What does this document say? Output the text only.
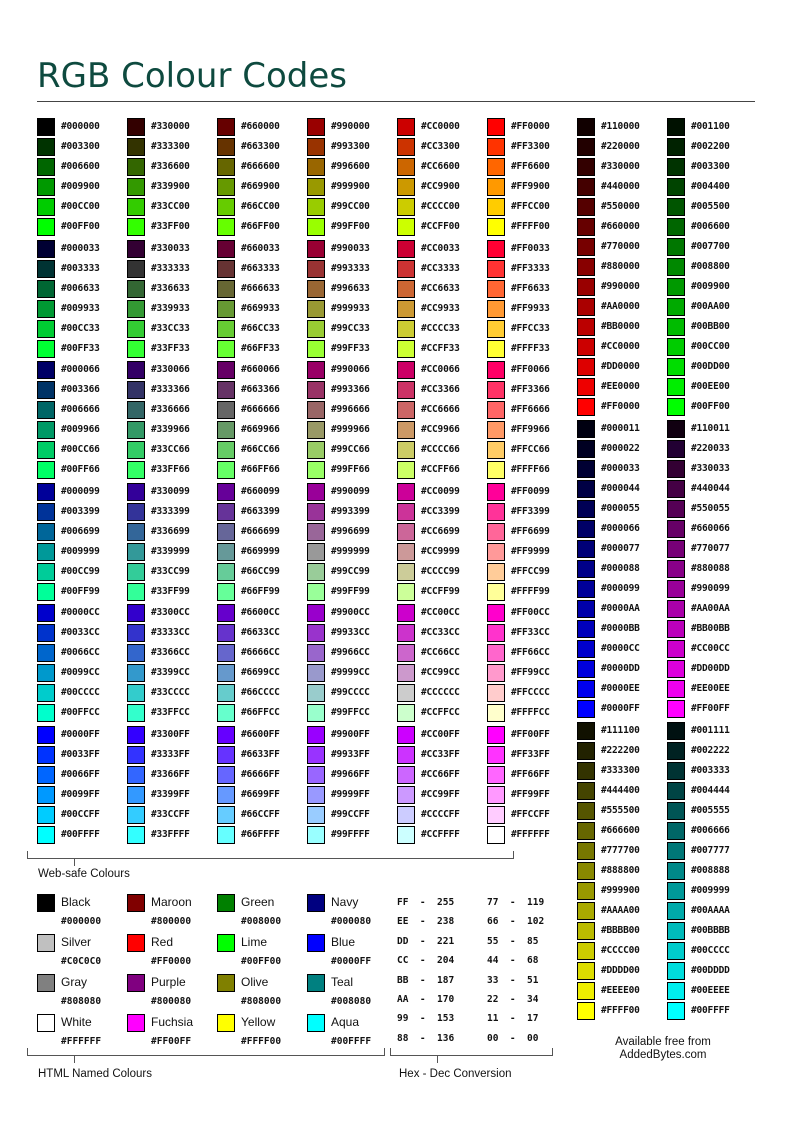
RGB Colour Codes
#000000
#003300
#006600
#009900
#00CC00
#00FF00
#000033
#003333
#006633
#009933
#00CC33
#00FF33
#000066
#003366
#006666
#009966
#00CC66
#00FF66
#000099
#003399
#006699
#009999
#00CC99
#00FF99
#0000CC
#0033CC
#0066CC
#0099CC
#00CCCC
#00FFCC
#0000FF
#0033FF
#0066FF
#0099FF
#00CCFF
#00FFFF
#330000
#333300
#336600
#339900
#33CC00
#33FF00
#330033
#333333
#336633
#339933
#33CC33
#33FF33
#330066
#333366
#336666
#339966
#33CC66
#33FF66
#330099
#333399
#336699
#339999
#33CC99
#33FF99
#3300CC
#3333CC
#3366CC
#3399CC
#33CCCC
#33FFCC
#3300FF
#3333FF
#3366FF
#3399FF
#33CCFF
#33FFFF
#660000
#663300
#666600
#669900
#66CC00
#66FF00
#660033
#663333
#666633
#669933
#66CC33
#66FF33
#660066
#663366
#666666
#669966
#66CC66
#66FF66
#660099
#663399
#666699
#669999
#66CC99
#66FF99
#6600CC
#6633CC
#6666CC
#6699CC
#66CCCC
#66FFCC
#6600FF
#6633FF
#6666FF
#6699FF
#66CCFF
#66FFFF
#990000
#993300
#996600
#999900
#99CC00
#99FF00
#990033
#993333
#996633
#999933
#99CC33
#99FF33
#990066
#993366
#996666
#999966
#99CC66
#99FF66
#990099
#993399
#996699
#999999
#99CC99
#99FF99
#9900CC
#9933CC
#9966CC
#9999CC
#99CCCC
#99FFCC
#9900FF
#9933FF
#9966FF
#9999FF
#99CCFF
#99FFFF
#CC0000
#CC3300
#CC6600
#CC9900
#CCCC00
#CCFF00
#CC0033
#CC3333
#CC6633
#CC9933
#CCCC33
#CCFF33
#CC0066
#CC3366
#CC6666
#CC9966
#CCCC66
#CCFF66
#CC0099
#CC3399
#CC6699
#CC9999
#CCCC99
#CCFF99
#CC00CC
#CC33CC
#CC66CC
#CC99CC
#CCCCCC
#CCFFCC
#CC00FF
#CC33FF
#CC66FF
#CC99FF
#CCCCFF
#CCFFFF
#FF0000
#FF3300
#FF6600
#FF9900
#FFCC00
#FFFF00
#FF0033
#FF3333
#FF6633
#FF9933
#FFCC33
#FFFF33
#FF0066
#FF3366
#FF6666
#FF9966
#FFCC66
#FFFF66
#FF0099
#FF3399
#FF6699
#FF9999
#FFCC99
#FFFF99
#FF00CC
#FF33CC
#FF66CC
#FF99CC
#FFCCCC
#FFFFCC
#FF00FF
#FF33FF
#FF66FF
#FF99FF
#FFCCFF
#FFFFFF
#110000
#220000
#330000
#440000
#550000
#660000
#770000
#880000
#990000
#AA0000
#BB0000
#CC0000
#DD0000
#EE0000
#FF0000
#000011
#000022
#000033
#000044
#000055
#000066
#000077
#000088
#000099
#0000AA
#0000BB
#0000CC
#0000DD
#0000EE
#0000FF
#111100
#222200
#333300
#444400
#555500
#666600
#777700
#888800
#999900
#AAAA00
#BBBB00
#CCCC00
#DDDD00
#EEEE00
#FFFF00
#001100
#002200
#003300
#004400
#005500
#006600
#007700
#008800
#009900
#00AA00
#00BB00
#00CC00
#00DD00
#00EE00
#00FF00
#110011
#220033
#330033
#440044
#550055
#660066
#770077
#880088
#990099
#AA00AA
#BB00BB
#CC00CC
#DD00DD
#EE00EE
#FF00FF
#001111
#002222
#003333
#004444
#005555
#006666
#007777
#008888
#009999
#00AAAA
#00BBBB
#00CCCC
#00DDDD
#00EEEE
#00FFFF
Web-safe Colours
Black
#000000
Maroon
#800000
Green
#008000
Navy
#000080
Silver
#C0C0C0
Red
#FF0000
Lime
#00FF00
Blue
#0000FF
Gray
#808080
Purple
#800080
Olive
#808000
Teal
#008080
White
#FFFFFF
Fuchsia
#FF00FF
Yellow
#FFFF00
Aqua
#00FFFF
FF  -  255
EE  -  238
DD  -  221
CC  -  204
BB  -  187
AA  -  170
99  -  153
88  -  136
77  -  119
66  -  102
55  -  85
44  -  68
33  -  51
22  -  34
11  -  17
00  -  00
HTML Named Colours	Hex - Dec Conversion
Available free from
AddedBytes.com
